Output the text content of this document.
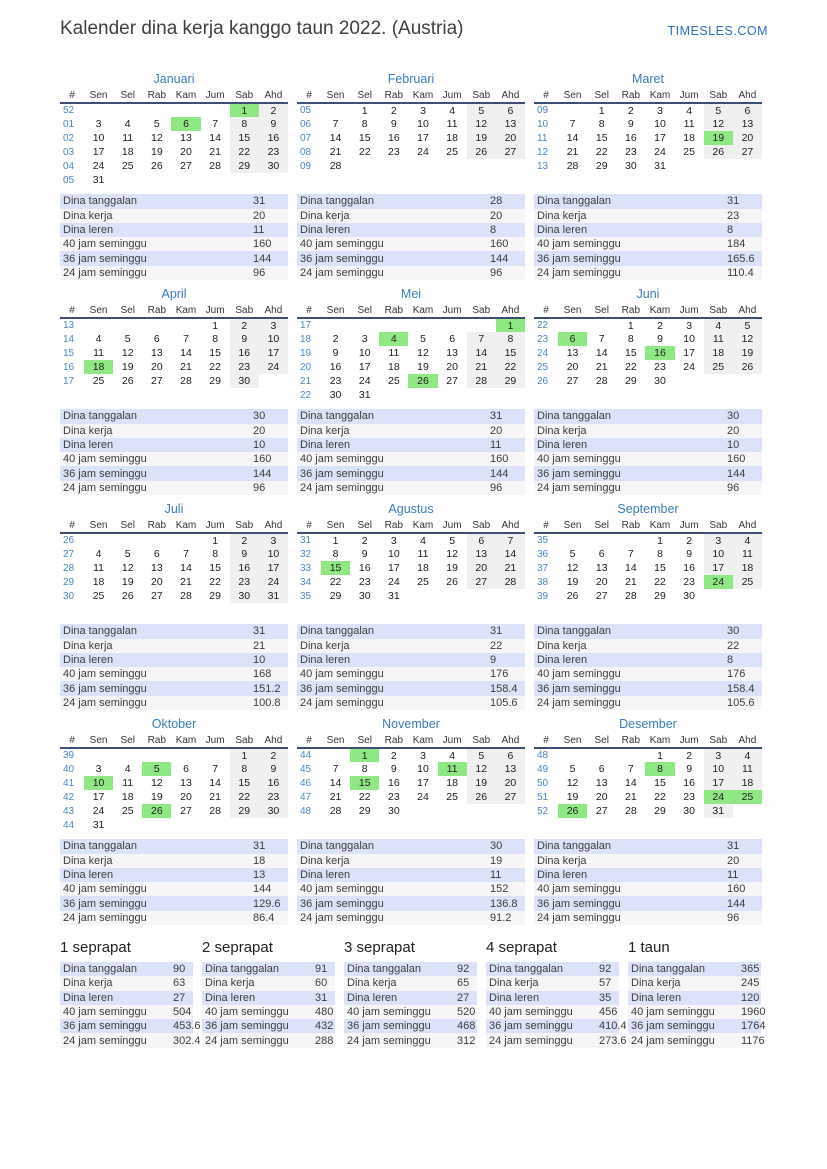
Kalender dina kerja kanggo taun 2022. (Austria)	TIMESLES.COM
Januari
#	Sen	Sel	Rab	Kam	Jum	Sab	Ahd
52						1	2
01	3	4	5	6	7	8	9
02	10	11	12	13	14	15	16
03	17	18	19	20	21	22	23
04	24	25	26	27	28	29	30
05	31						
Dina tanggalan	31
Dina kerja	20
Dina leren	11
40 jam seminggu	160
36 jam seminggu	144
24 jam seminggu	96
Februari
#	Sen	Sel	Rab	Kam	Jum	Sab	Ahd
05		1	2	3	4	5	6
06	7	8	9	10	11	12	13
07	14	15	16	17	18	19	20
08	21	22	23	24	25	26	27
09	28						
Dina tanggalan	28
Dina kerja	20
Dina leren	8
40 jam seminggu	160
36 jam seminggu	144
24 jam seminggu	96
Maret
#	Sen	Sel	Rab	Kam	Jum	Sab	Ahd
09		1	2	3	4	5	6
10	7	8	9	10	11	12	13
11	14	15	16	17	18	19	20
12	21	22	23	24	25	26	27
13	28	29	30	31			
Dina tanggalan	31
Dina kerja	23
Dina leren	8
40 jam seminggu	184
36 jam seminggu	165.6
24 jam seminggu	110.4
April
#	Sen	Sel	Rab	Kam	Jum	Sab	Ahd
13					1	2	3
14	4	5	6	7	8	9	10
15	11	12	13	14	15	16	17
16	18	19	20	21	22	23	24
17	25	26	27	28	29	30	
Dina tanggalan	30
Dina kerja	20
Dina leren	10
40 jam seminggu	160
36 jam seminggu	144
24 jam seminggu	96
Mei
#	Sen	Sel	Rab	Kam	Jum	Sab	Ahd
17							1
18	2	3	4	5	6	7	8
19	9	10	11	12	13	14	15
20	16	17	18	19	20	21	22
21	23	24	25	26	27	28	29
22	30	31					
Dina tanggalan	31
Dina kerja	20
Dina leren	11
40 jam seminggu	160
36 jam seminggu	144
24 jam seminggu	96
Juni
#	Sen	Sel	Rab	Kam	Jum	Sab	Ahd
22			1	2	3	4	5
23	6	7	8	9	10	11	12
24	13	14	15	16	17	18	19
25	20	21	22	23	24	25	26
26	27	28	29	30			
Dina tanggalan	30
Dina kerja	20
Dina leren	10
40 jam seminggu	160
36 jam seminggu	144
24 jam seminggu	96
Juli
#	Sen	Sel	Rab	Kam	Jum	Sab	Ahd
26					1	2	3
27	4	5	6	7	8	9	10
28	11	12	13	14	15	16	17
29	18	19	20	21	22	23	24
30	25	26	27	28	29	30	31
Dina tanggalan	31
Dina kerja	21
Dina leren	10
40 jam seminggu	168
36 jam seminggu	151.2
24 jam seminggu	100.8
Agustus
#	Sen	Sel	Rab	Kam	Jum	Sab	Ahd
31	1	2	3	4	5	6	7
32	8	9	10	11	12	13	14
33	15	16	17	18	19	20	21
34	22	23	24	25	26	27	28
35	29	30	31				
Dina tanggalan	31
Dina kerja	22
Dina leren	9
40 jam seminggu	176
36 jam seminggu	158.4
24 jam seminggu	105.6
September
#	Sen	Sel	Rab	Kam	Jum	Sab	Ahd
35				1	2	3	4
36	5	6	7	8	9	10	11
37	12	13	14	15	16	17	18
38	19	20	21	22	23	24	25
39	26	27	28	29	30		
Dina tanggalan	30
Dina kerja	22
Dina leren	8
40 jam seminggu	176
36 jam seminggu	158.4
24 jam seminggu	105.6
Oktober
#	Sen	Sel	Rab	Kam	Jum	Sab	Ahd
39						1	2
40	3	4	5	6	7	8	9
41	10	11	12	13	14	15	16
42	17	18	19	20	21	22	23
43	24	25	26	27	28	29	30
44	31						
Dina tanggalan	31
Dina kerja	18
Dina leren	13
40 jam seminggu	144
36 jam seminggu	129.6
24 jam seminggu	86.4
November
#	Sen	Sel	Rab	Kam	Jum	Sab	Ahd
44		1	2	3	4	5	6
45	7	8	9	10	11	12	13
46	14	15	16	17	18	19	20
47	21	22	23	24	25	26	27
48	28	29	30				
Dina tanggalan	30
Dina kerja	19
Dina leren	11
40 jam seminggu	152
36 jam seminggu	136.8
24 jam seminggu	91.2
Desember
#	Sen	Sel	Rab	Kam	Jum	Sab	Ahd
48				1	2	3	4
49	5	6	7	8	9	10	11
50	12	13	14	15	16	17	18
51	19	20	21	22	23	24	25
52	26	27	28	29	30	31	
Dina tanggalan	31
Dina kerja	20
Dina leren	11
40 jam seminggu	160
36 jam seminggu	144
24 jam seminggu	96
1 seprapat
Dina tanggalan	90
Dina kerja	63
Dina leren	27
40 jam seminggu	504
36 jam seminggu	453.6
24 jam seminggu	302.4
2 seprapat
Dina tanggalan	91
Dina kerja	60
Dina leren	31
40 jam seminggu	480
36 jam seminggu	432
24 jam seminggu	288
3 seprapat
Dina tanggalan	92
Dina kerja	65
Dina leren	27
40 jam seminggu	520
36 jam seminggu	468
24 jam seminggu	312
4 seprapat
Dina tanggalan	92
Dina kerja	57
Dina leren	35
40 jam seminggu	456
36 jam seminggu	410.4
24 jam seminggu	273.6
1 taun
Dina tanggalan	365
Dina kerja	245
Dina leren	120
40 jam seminggu	1960
36 jam seminggu	1764
24 jam seminggu	1176
